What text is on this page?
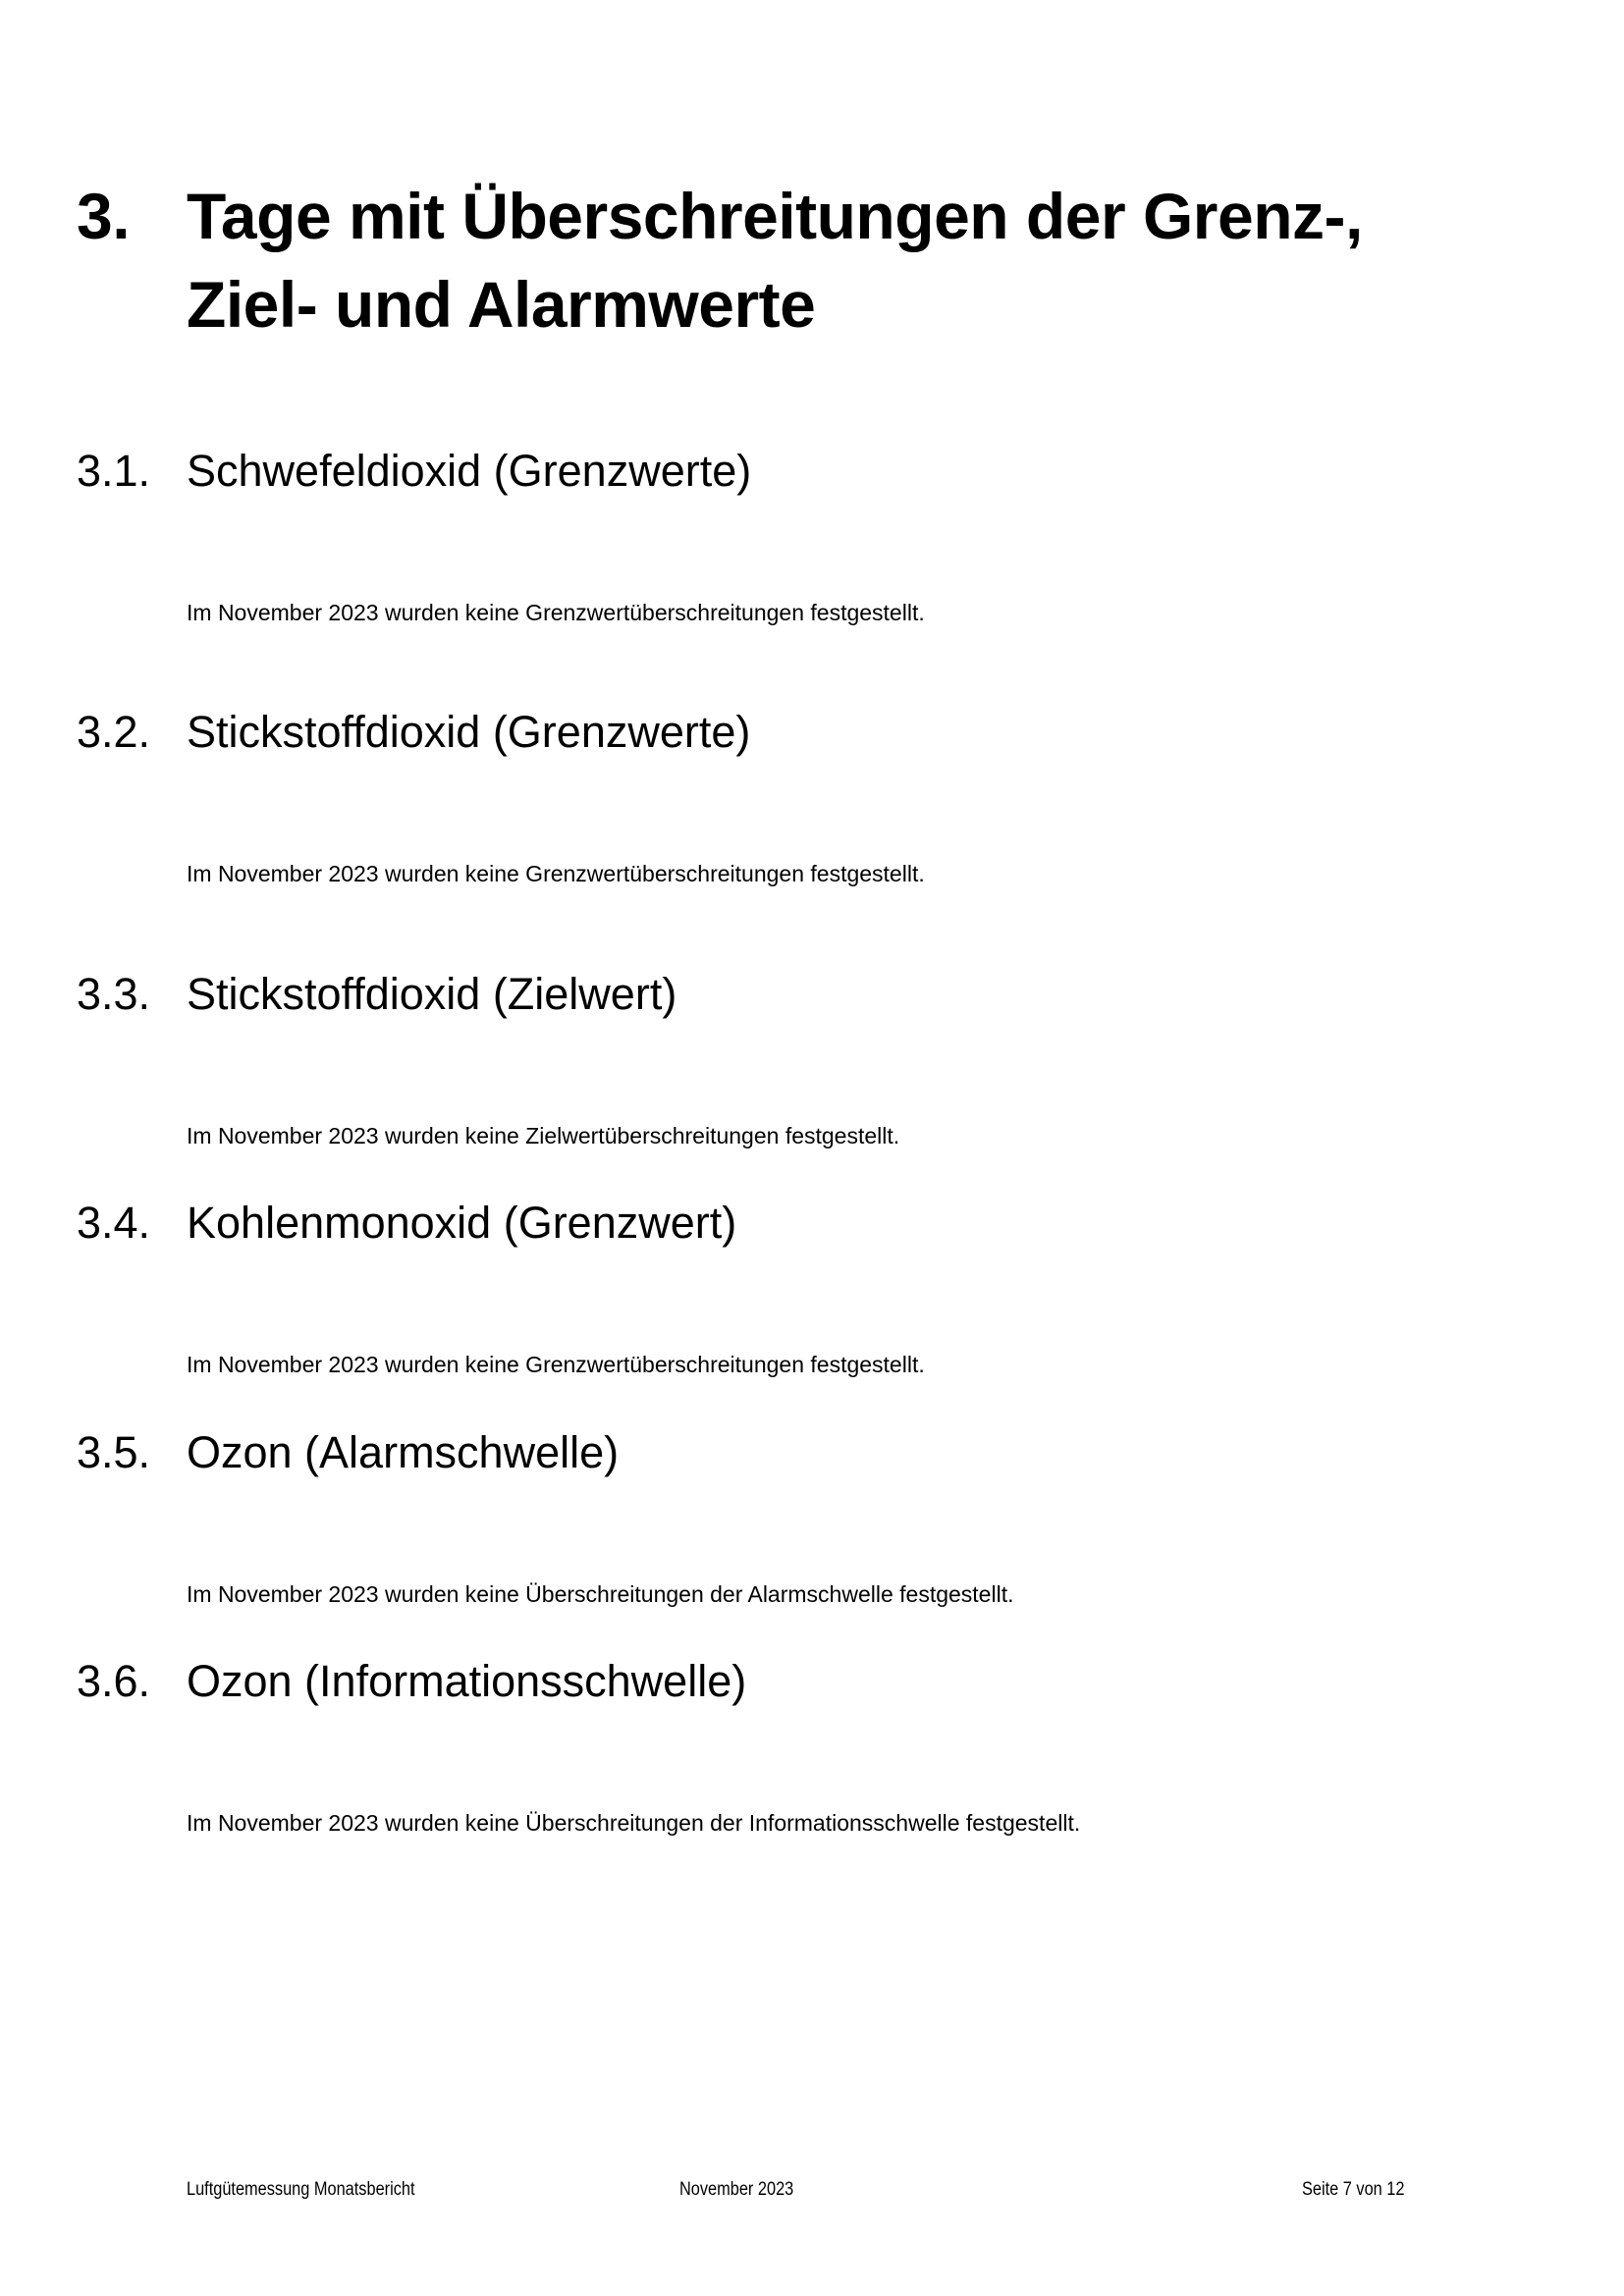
3. Tage mit Überschreitungen der Grenz-, Ziel- und Alarmwerte
3.1. Schwefeldioxid (Grenzwerte)
Im November 2023 wurden keine Grenzwertüberschreitungen festgestellt.
3.2. Stickstoffdioxid (Grenzwerte)
Im November 2023 wurden keine Grenzwertüberschreitungen festgestellt.
3.3. Stickstoffdioxid (Zielwert)
Im November 2023 wurden keine Zielwertüberschreitungen festgestellt.
3.4. Kohlenmonoxid (Grenzwert)
Im November 2023 wurden keine Grenzwertüberschreitungen festgestellt.
3.5. Ozon (Alarmschwelle)
Im November 2023 wurden keine Überschreitungen der Alarmschwelle festgestellt.
3.6. Ozon (Informationsschwelle)
Im November 2023 wurden keine Überschreitungen der Informationsschwelle festgestellt.
Luftgütemessung Monatsbericht	November 2023	Seite 7 von 12
